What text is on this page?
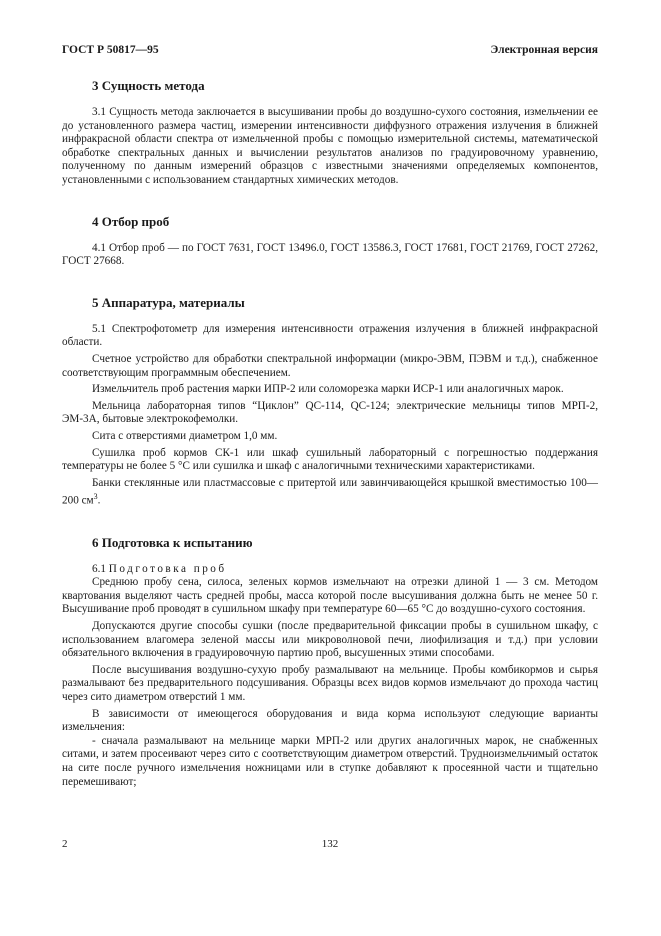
ГОСТ Р 50817—95	Электронная версия
3 Сущность метода

3.1 Сущность метода заключается в высушивании пробы до воздушно-сухого состояния, измельчении ее до установленного размера частиц, измерении интенсивности диффузного отражения излучения в ближней инфракрасной области спектра от измельченной пробы с помощью измерительной системы, математической обработке спектральных данных и вычислении результатов анализов по градуировочному уравнению, полученному по данным измерений образцов с известными значениями определяемых компонентов, установленными с использованием стандартных химических методов.

4 Отбор проб

4.1 Отбор проб — по ГОСТ 7631, ГОСТ 13496.0, ГОСТ 13586.3, ГОСТ 17681, ГОСТ 21769, ГОСТ 27262, ГОСТ 27668.

5 Аппаратура, материалы

5.1 Спектрофотометр для измерения интенсивности отражения излучения в ближней инфракрасной области.

Счетное устройство для обработки спектральной информации (микро-ЭВМ, ПЭВМ и т.д.), снабженное соответствующим программным обеспечением.

Измельчитель проб растения марки ИПР-2 или соломорезка марки ИСР-1 или аналогичных марок.

Мельница лабораторная типов “Циклон” QC-114, QC-124; электрические мельницы типов МРП-2, ЭМ-3А, бытовые электрокофемолки.

Сита с отверстиями диаметром 1,0 мм.

Сушилка проб кормов СК-1 или шкаф сушильный лабораторный с погрешностью поддержания температуры не более 5 °С или сушилка и шкаф с аналогичными техническими характеристиками.

Банки стеклянные или пластмассовые с притертой или завинчивающейся крышкой вместимостью 100—200 $см^3$.

6 Подготовка к испытанию

6.1 Подготовка проб

Среднюю пробу сена, силоса, зеленых кормов измельчают на отрезки длиной 1 — 3 см. Методом квартования выделяют часть средней пробы, масса которой после высушивания должна быть не менее 50 г. Высушивание проб проводят в сушильном шкафу при температуре 60—65 °С до воздушно-сухого состояния.

Допускаются другие способы сушки (после предварительной фиксации пробы в сушильном шкафу, с использованием влагомера зеленой массы или микроволновой печи, лиофилизация и т.д.) при условии обязательного включения в градуировочную партию проб, высушенных этими способами.

После высушивания воздушно-сухую пробу размалывают на мельнице. Пробы комбикормов и сырья размалывают без предварительного подсушивания. Образцы всех видов кормов измельчают до прохода частиц через сито диаметром отверстий 1 мм.

В зависимости от имеющегося оборудования и вида корма используют следующие варианты измельчения:

- сначала размалывают на мельнице марки МРП-2 или других аналогичных марок, не снабженных ситами, и затем просеивают через сито с соответствующим диаметром отверстий. Трудноизмельчимый остаток на сите после ручного измельчения ножницами или в ступке добавляют к просеянной части и тщательно перемешивают;

2	132
